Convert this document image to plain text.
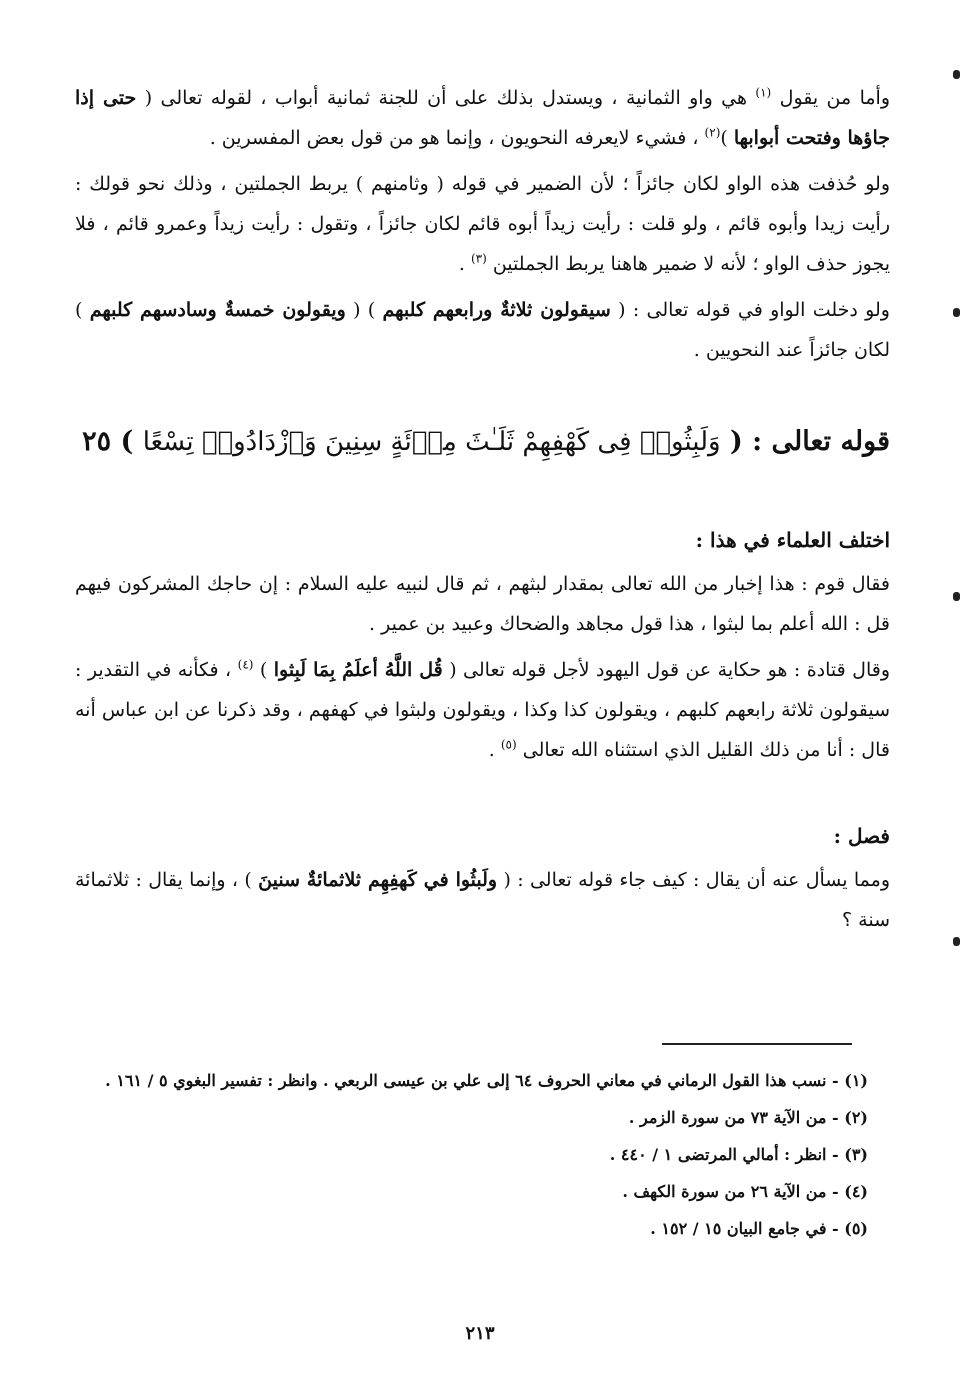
وأما من يقول $^{(١)}$ هي واو الثمانية ، ويستدل بذلك على أن للجنة ثمانية أبواب ، لقوله تعالى ( حتى إذا جاؤها وفتحت أبوابها )$^{(٢)}$ ، فشيء لايعرفه النحويون ، وإنما هو من قول بعض المفسرين .

ولو حُذفت هذه الواو لكان جائزاً ؛ لأن الضمير في قوله ( وثامنهم ) يربط الجملتين ، وذلك نحو قولك : رأيت زيدا وأبوه قائم ، ولو قلت : رأيت زيداً أبوه قائم لكان جائزاً ، وتقول : رأيت زيداً وعمرو قائم ، فلا يجوز حذف الواو ؛ لأنه لا ضمير هاهنا يربط الجملتين $^{(٣)}$ .

ولو دخلت الواو في قوله تعالى : ( سيقولون ثلاثةٌ ورابعهم كلبهم ) ( ويقولون خمسةٌ وسادسهم كلبهم ) لكان جائزاً عند النحويين .

قوله تعالى : ( وَلَبِثُوا۟ فِى كَهْفِهِمْ ثَلَـٰثَ مِا۟ئَةٍ سِنِينَ وَٱزْدَادُوا۟ تِسْعًا ) ٢٥
اختلف العلماء في هذا :

فقال قوم : هذا إخبار من الله تعالى بمقدار لبثهم ، ثم قال لنبيه عليه السلام : إن حاجك المشركون فيهم قل : الله أعلم بما لبثوا ، هذا قول مجاهد والضحاك وعبيد بن عمير .

وقال قتادة : هو حكاية عن قول اليهود لأجل قوله تعالى ( قُل اللَّهُ أعلَمُ بِمَا لَبِثوا ) $^{(٤)}$ ، فكأنه في التقدير : سيقولون ثلاثة رابعهم كلبهم ، ويقولون كذا وكذا ، ويقولون ولبثوا في كهفهم ، وقد ذكرنا عن ابن عباس أنه قال : أنا من ذلك القليل الذي استثناه الله تعالى $^{(٥)}$ .

فصل :

ومما يسأل عنه أن يقال : كيف جاء قوله تعالى : ( ولَبثُوا في كَهفِهِم ثلاثمائةٌ سنينَ ) ، وإنما يقال : ثلاثمائة سنة ؟

(١) - نسب هذا القول الرماني في معاني الحروف ٦٤ إلى علي بن عيسى الربعي . وانظر : تفسير البغوي ٥ / ١٦١ .
(٢) - من الآية ٧٣ من سورة الزمر .
(٣) - انظر : أمالي المرتضى ١ / ٤٤٠ .
(٤) - من الآية ٢٦ من سورة الكهف .
(٥) - في جامع البيان ١٥ / ١٥٢ .
٢١٣
